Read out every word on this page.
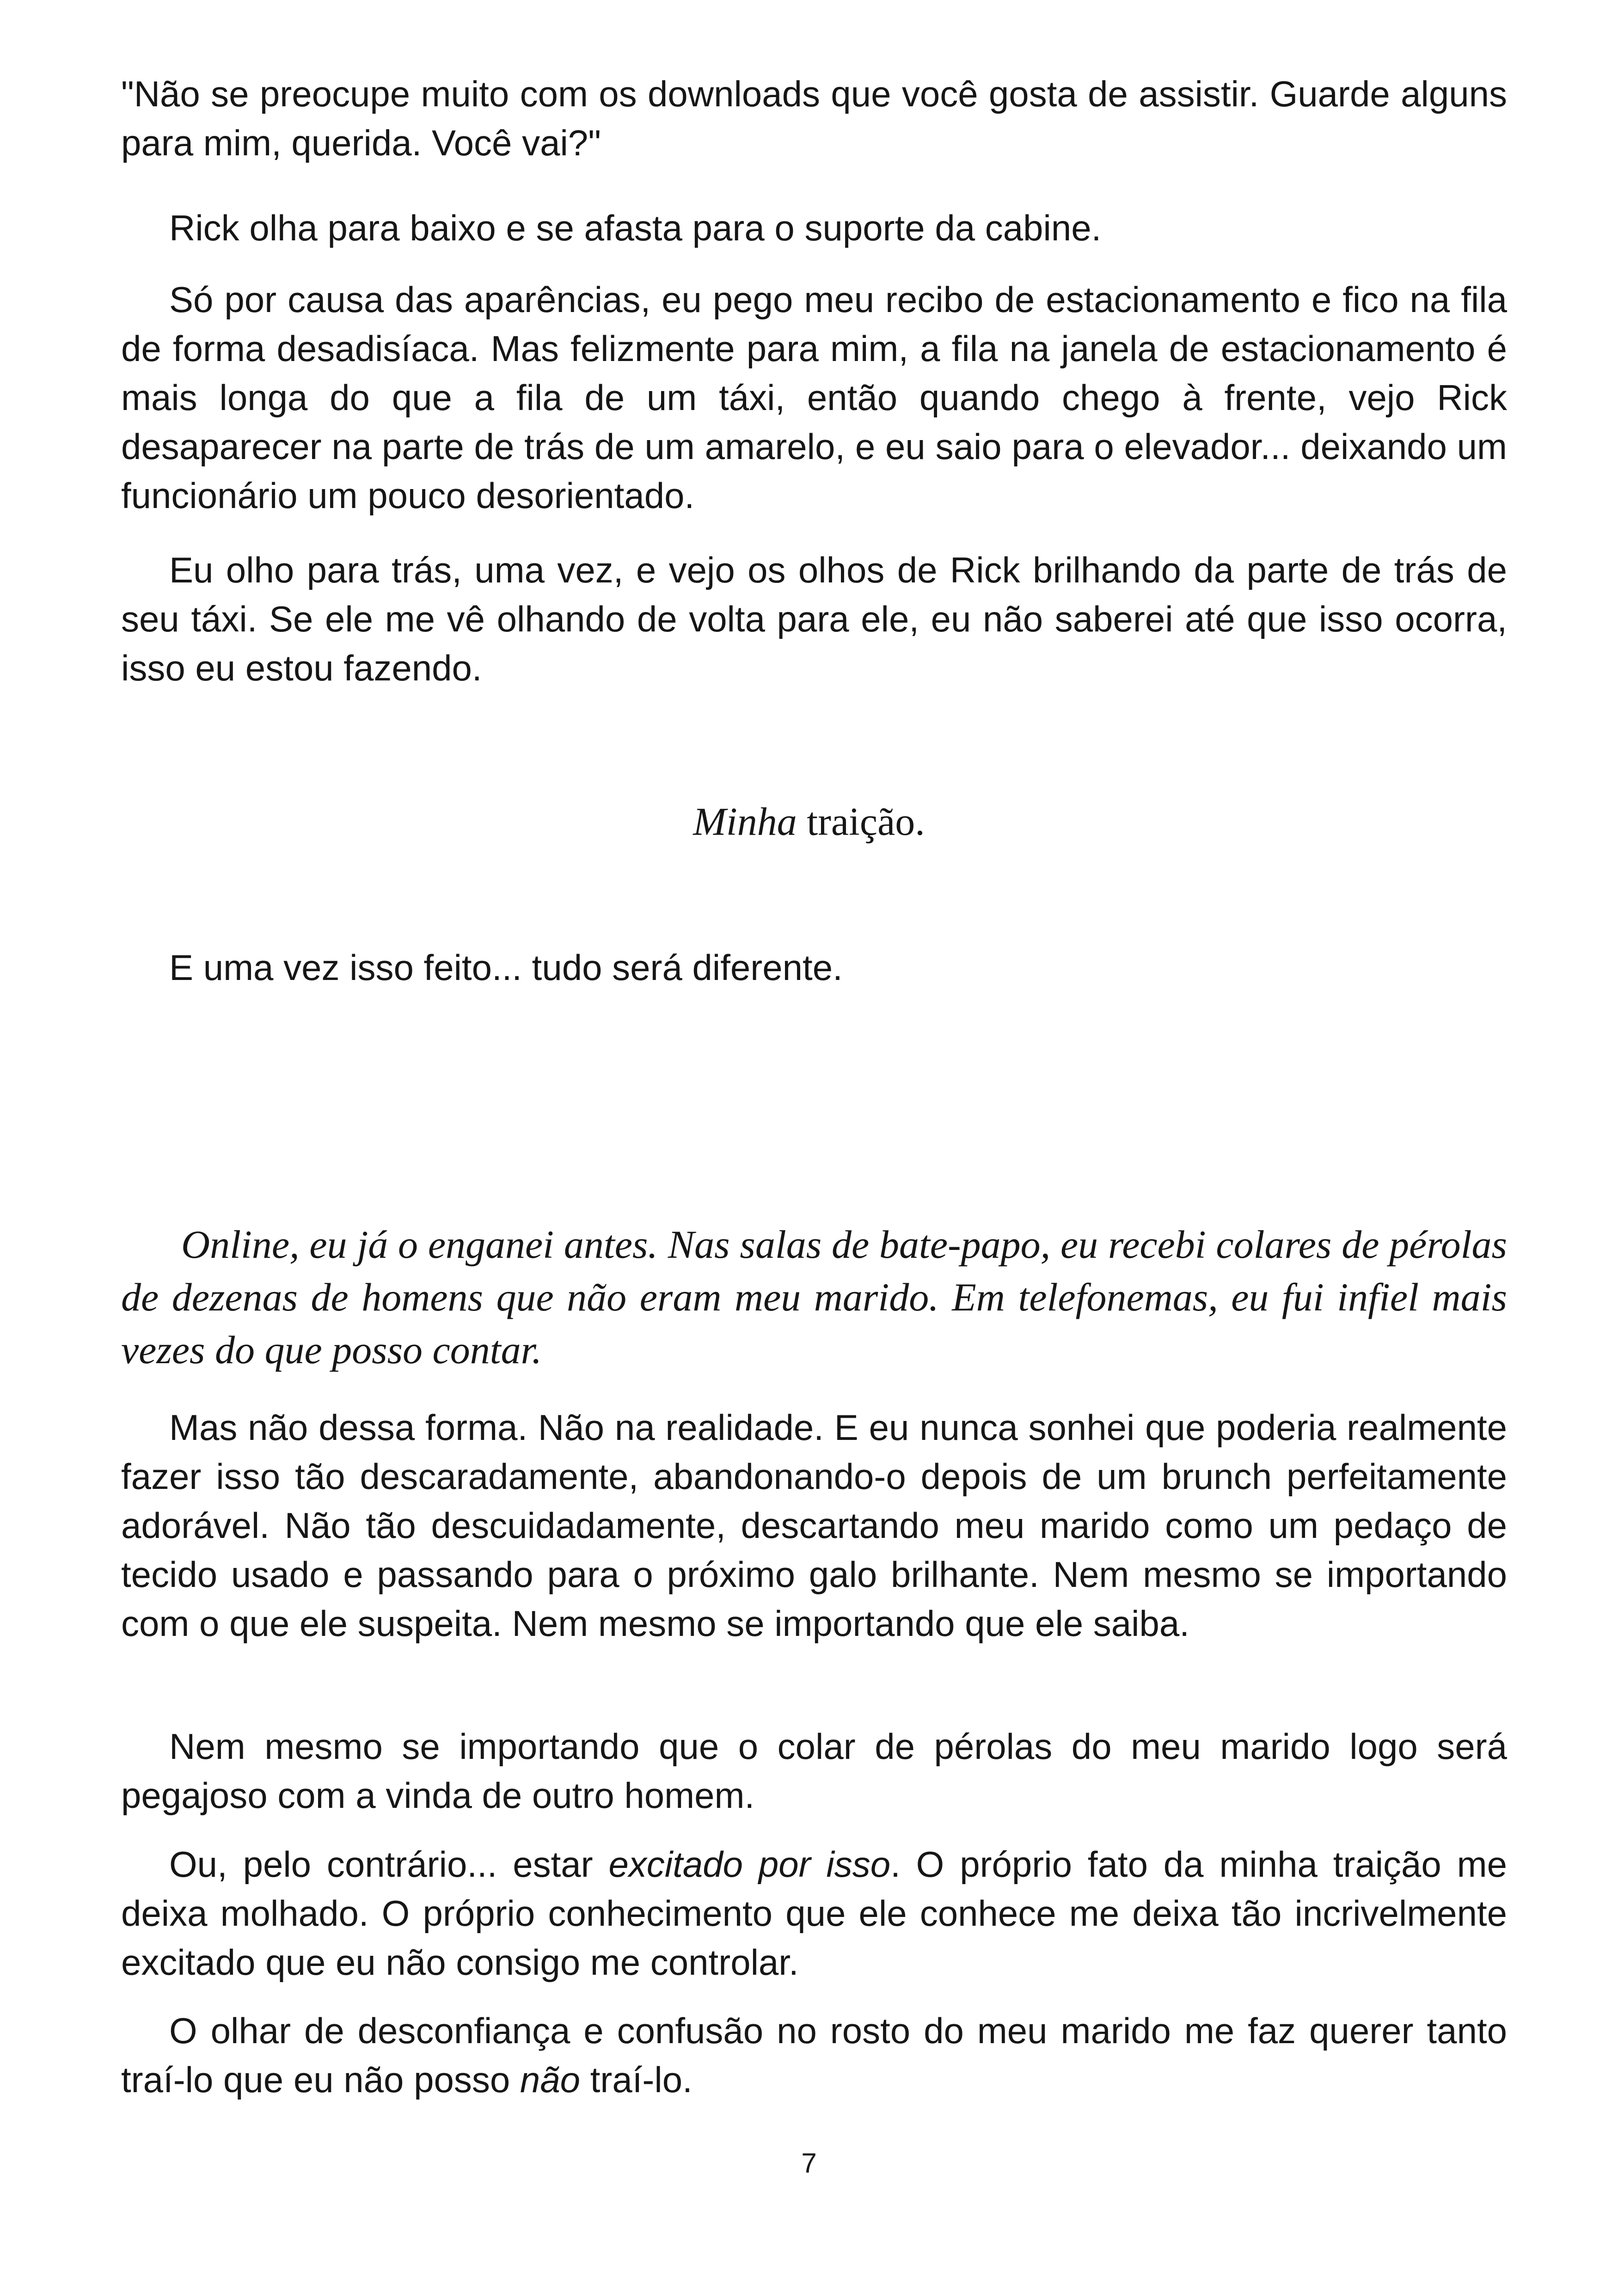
"Não se preocupe muito com os downloads que você gosta de assistir. Guarde alguns para mim, querida. Você vai?"

Rick olha para baixo e se afasta para o suporte da cabine.

Só por causa das aparências, eu pego meu recibo de estacionamento e fico na fila de forma desadisíaca. Mas felizmente para mim, a fila na janela de estacionamento é mais longa do que a fila de um táxi, então quando chego à frente, vejo Rick desaparecer na parte de trás de um amarelo, e eu saio para o elevador... deixando um funcionário um pouco desorientado.

Eu olho para trás, uma vez, e vejo os olhos de Rick brilhando da parte de trás de seu táxi. Se ele me vê olhando de volta para ele, eu não saberei até que isso ocorra, isso eu estou fazendo.

Minha traição.

E uma vez isso feito... tudo será diferente.

Online, eu já o enganei antes. Nas salas de bate-papo, eu recebi colares de pérolas de dezenas de homens que não eram meu marido. Em telefonemas, eu fui infiel mais vezes do que posso contar.

Mas não dessa forma. Não na realidade. E eu nunca sonhei que poderia realmente fazer isso tão descaradamente, abandonando-o depois de um brunch perfeitamente adorável. Não tão descuidadamente, descartando meu marido como um pedaço de tecido usado e passando para o próximo galo brilhante. Nem mesmo se importando com o que ele suspeita. Nem mesmo se importando que ele saiba.

Nem mesmo se importando que o colar de pérolas do meu marido logo será pegajoso com a vinda de outro homem.

Ou, pelo contrário... estar excitado por isso. O próprio fato da minha traição me deixa molhado. O próprio conhecimento que ele conhece me deixa tão incrivelmente excitado que eu não consigo me controlar.

O olhar de desconfiança e confusão no rosto do meu marido me faz querer tanto traí-lo que eu não posso não traí-lo.

7
